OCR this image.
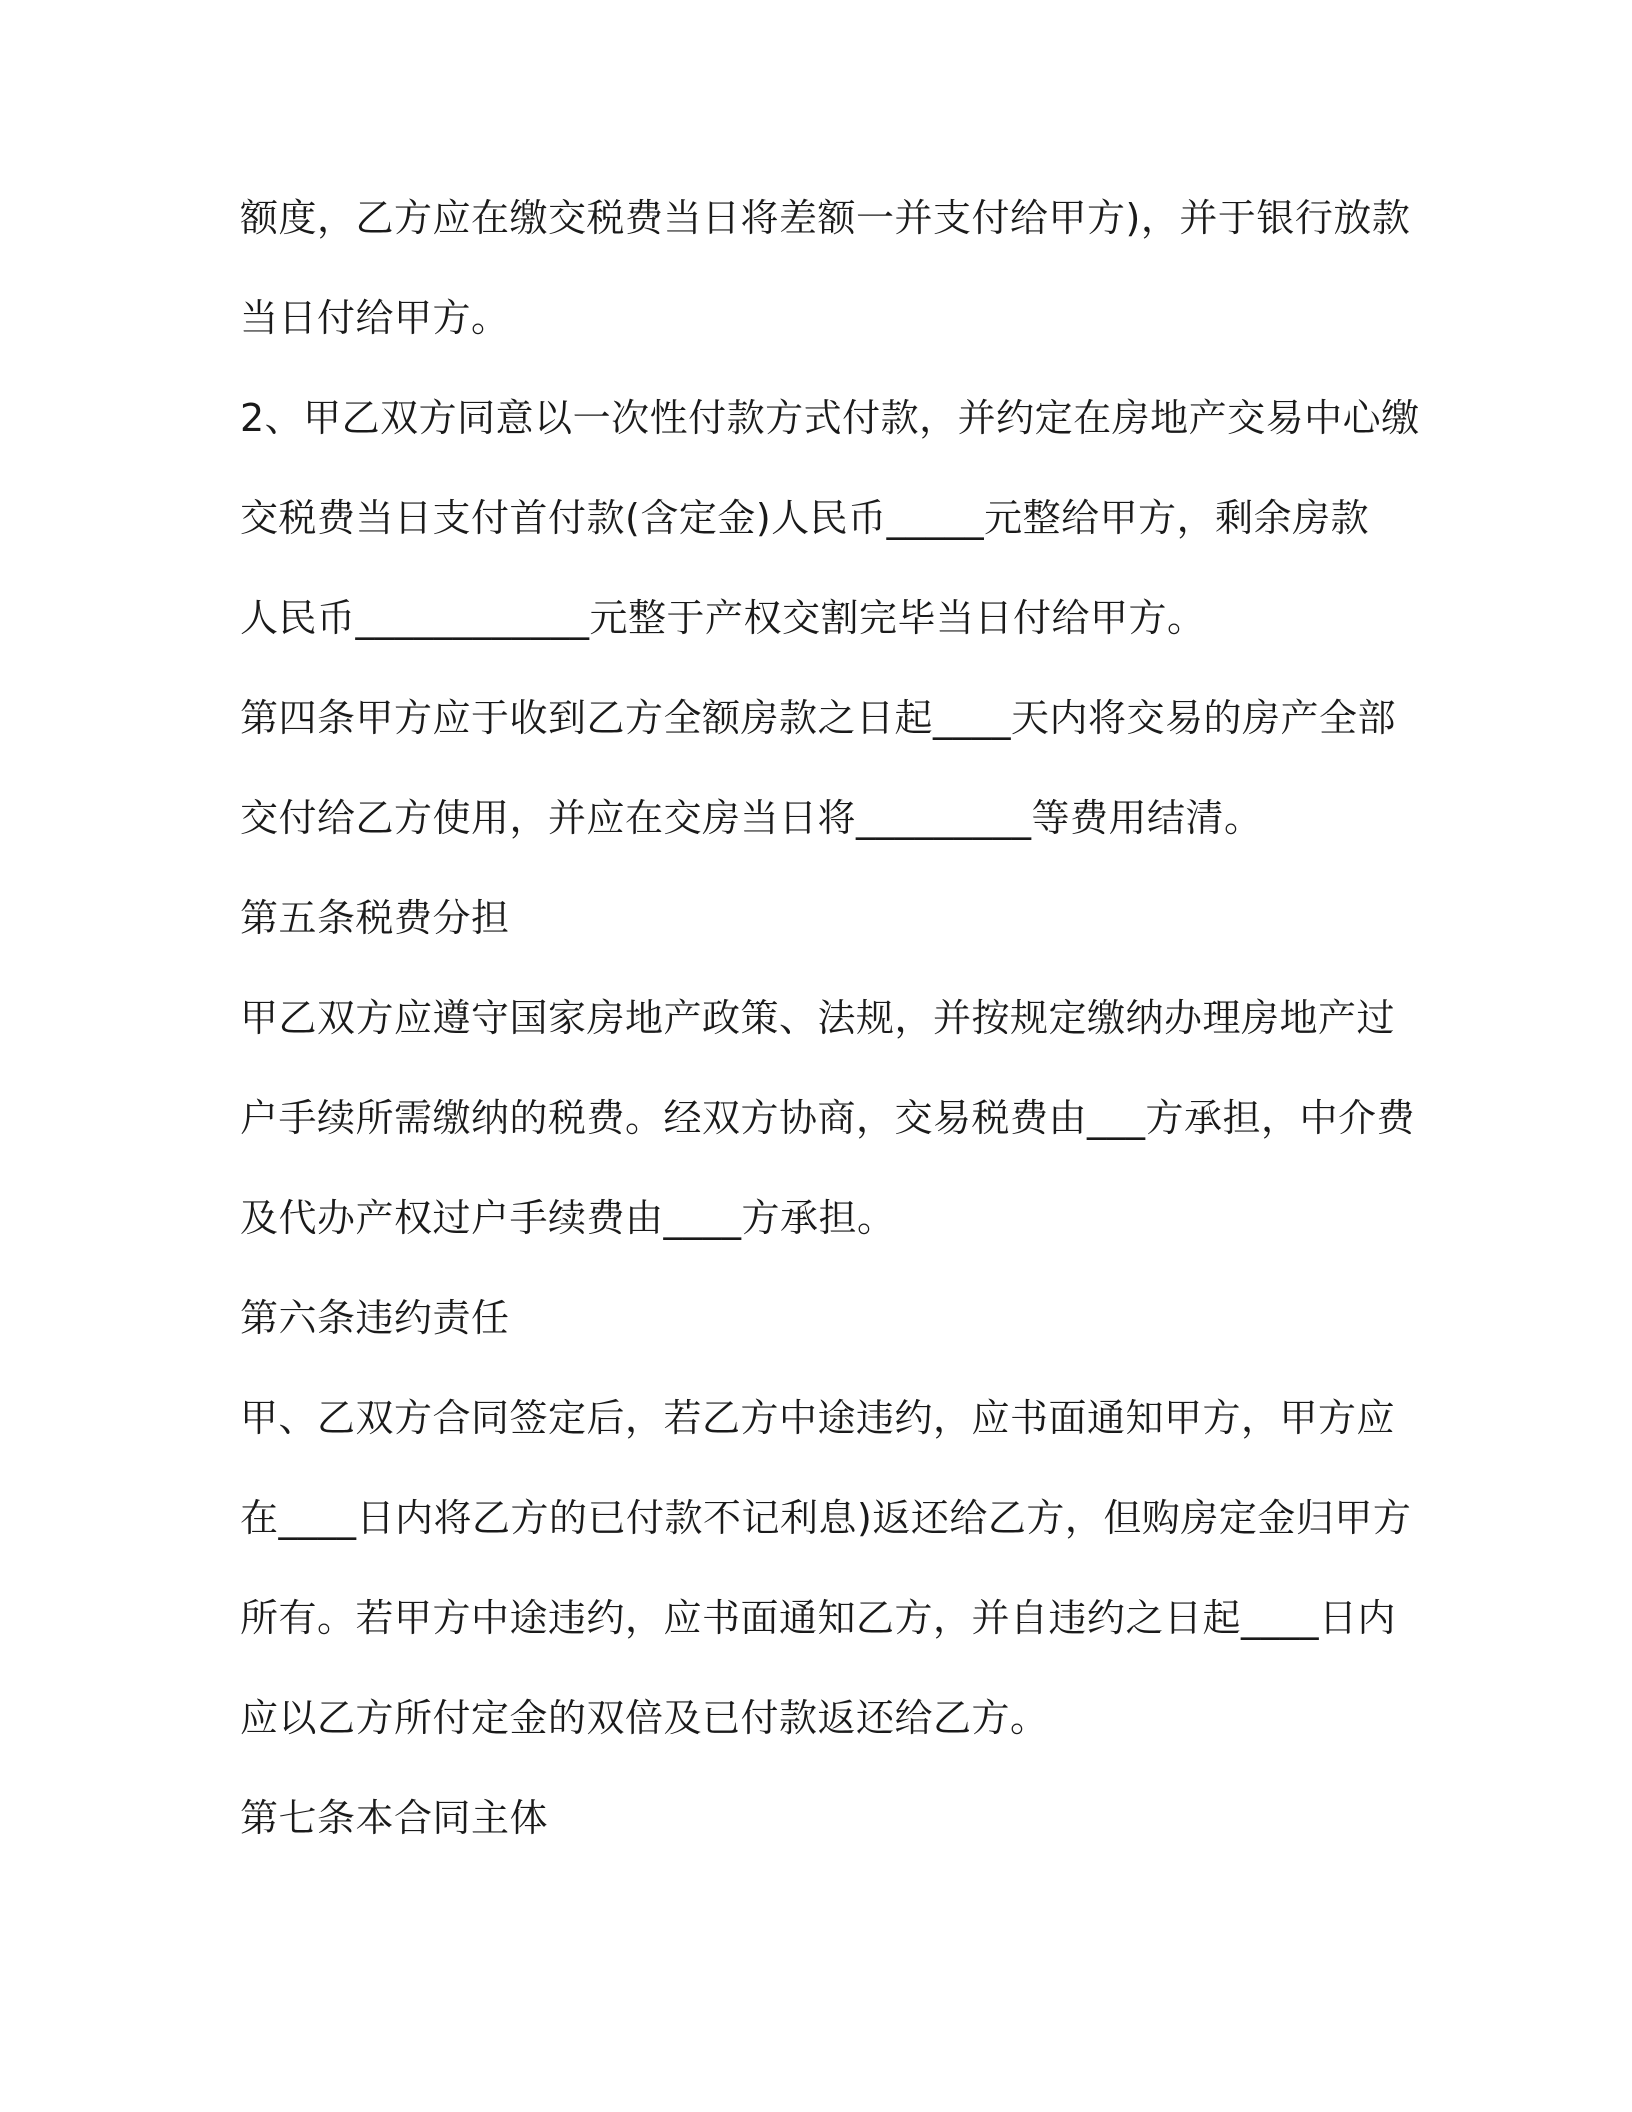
额度，乙方应在缴交税费当日将差额一并支付给甲方)，并于银行放款
当日付给甲方。
2、甲乙双方同意以一次性付款方式付款，并约定在房地产交易中心缴
交税费当日支付首付款(含定金)人民币_____元整给甲方，剩余房款
人民币____________元整于产权交割完毕当日付给甲方。
第四条甲方应于收到乙方全额房款之日起____天内将交易的房产全部
交付给乙方使用，并应在交房当日将_________等费用结清。
第五条税费分担
甲乙双方应遵守国家房地产政策、法规，并按规定缴纳办理房地产过
户手续所需缴纳的税费。经双方协商，交易税费由___方承担，中介费
及代办产权过户手续费由____方承担。
第六条违约责任
甲、乙双方合同签定后，若乙方中途违约，应书面通知甲方，甲方应
在____日内将乙方的已付款不记利息)返还给乙方，但购房定金归甲方
所有。若甲方中途违约，应书面通知乙方，并自违约之日起____日内
应以乙方所付定金的双倍及已付款返还给乙方。
第七条本合同主体
